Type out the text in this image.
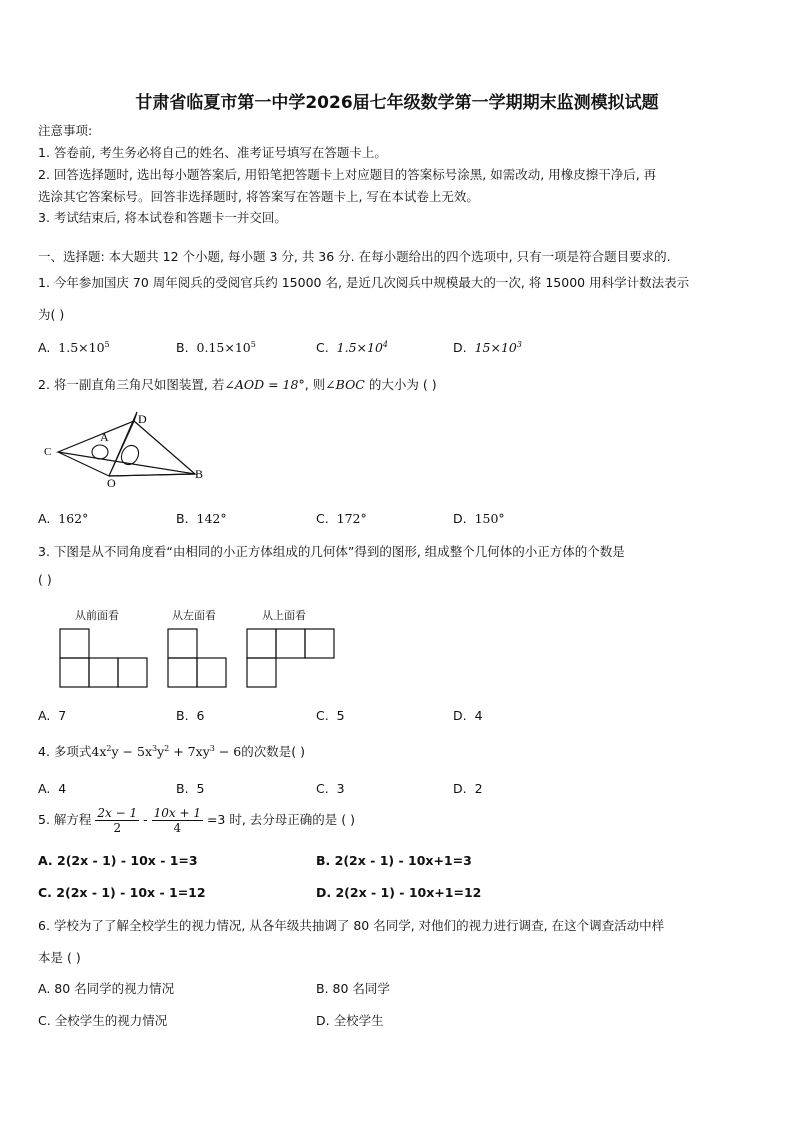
甘肃省临夏市第一中学2026届七年级数学第一学期期末监测模拟试题
注意事项:
1. 答卷前, 考生务必将自己的姓名、准考证号填写在答题卡上。
2. 回答选择题时, 选出每小题答案后, 用铅笔把答题卡上对应题目的答案标号涂黑, 如需改动, 用橡皮擦干净后, 再
选涂其它答案标号。回答非选择题时, 将答案写在答题卡上, 写在本试卷上无效。
3. 考试结束后, 将本试卷和答题卡一并交回。
一、选择题: 本大题共 12 个小题, 每小题 3 分, 共 36 分. 在每小题给出的四个选项中, 只有一项是符合题目要求的.
1. 今年参加国庆 70 周年阅兵的受阅官兵约 15000 名, 是近几次阅兵中规模最大的一次, 将 15000 用科学计数法表示
为( )
A. $1.5\times 10^5$	B. $0.15\times 10^5$	C. $1.5\times 10^4$	D. $15\times 10^3$
2. 将一副直角三角尺如图装置, 若∠AOD = 18°, 则∠BOC 的大小为 ( )
C
A
D
B
O
A. 162°	B. 142°	C. 172°	D. 150°
3. 下图是从不同角度看“由相同的小正方体组成的几何体”得到的图形, 组成整个几何体的小正方体的个数是
( )
从前面看	从左面看	从上面看
A. 7	B. 6	C. 5	D. 4
4. 多项式$4x^2y - 5x^3y^2 + 7xy^3 - 6$的次数是( )
A. 4	B. 5	C. 3	D. 2
5. 解方程 $\frac{2x - 1}{2} - \frac{10x + 1}{4} =3$ 时, 去分母正确的是 ( )
A. 2(2x - 1) - 10x - 1=3	B. 2(2x - 1) - 10x+1=3
C. 2(2x - 1) - 10x - 1=12	D. 2(2x - 1) - 10x+1=12
6. 学校为了了解全校学生的视力情况, 从各年级共抽调了 80 名同学, 对他们的视力进行调查, 在这个调查活动中样
本是 ( )
A. 80 名同学的视力情况	B. 80 名同学
C. 全校学生的视力情况	D. 全校学生
